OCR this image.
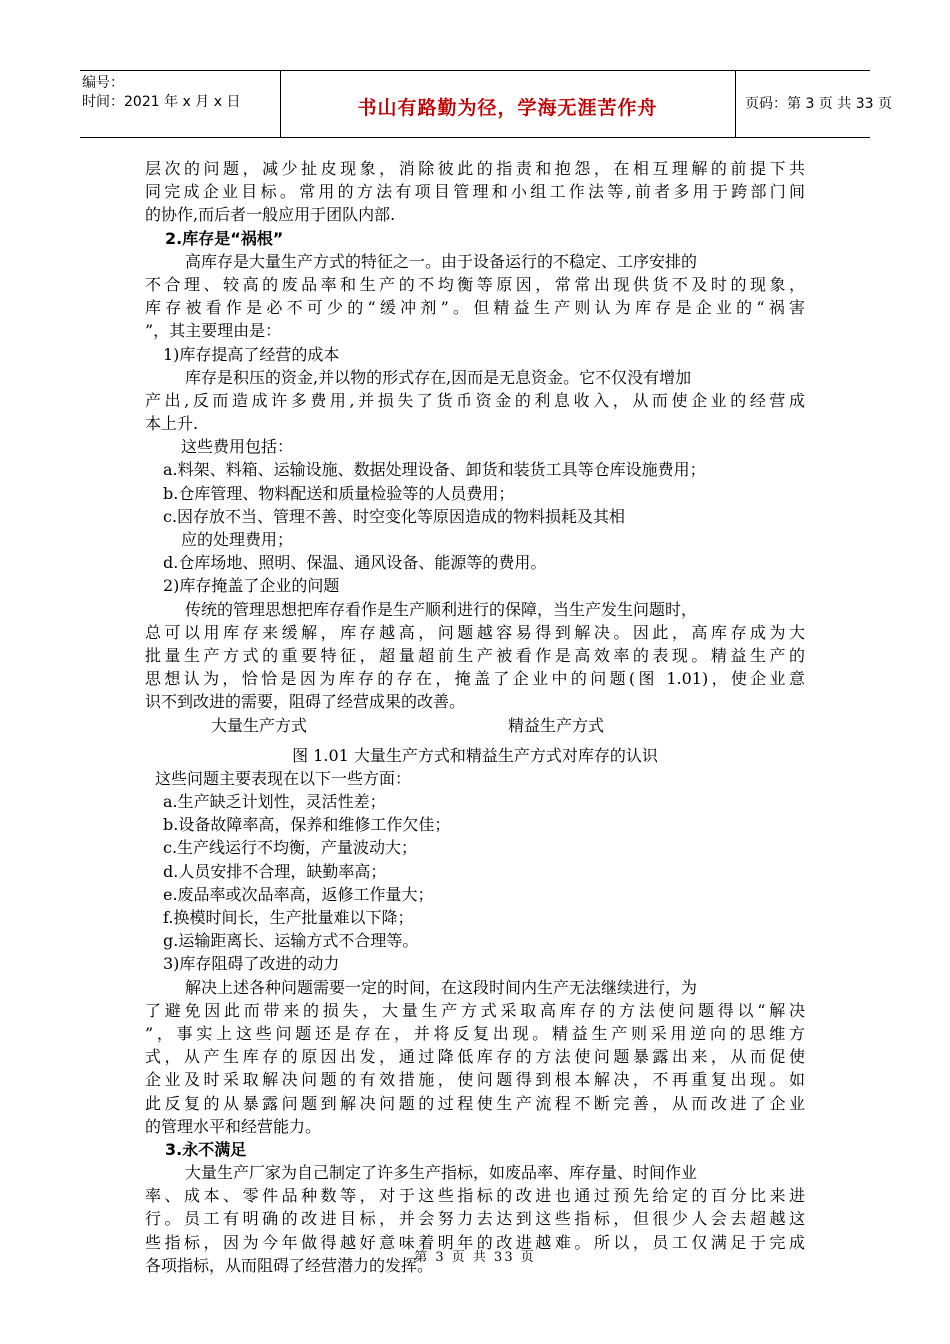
编号：
时间：2021 年 x 月 x 日	书山有路勤为径，学海无涯苦作舟	页码：第 3 页 共 33 页
层次的问题，减少扯皮现象，消除彼此的指责和抱怨，在相互理解的前提下共
同完成企业目标。常用的方法有项目管理和小组工作法等,前者多用于跨部门间
的协作,而后者一般应用于团队内部.
2.库存是“祸根”
高库存是大量生产方式的特征之一。由于设备运行的不稳定、工序安排的
不合理、较高的废品率和生产的不均衡等原因，常常出现供货不及时的现象，
库存被看作是必不可少的“缓冲剂”。但精益生产则认为库存是企业的“祸害
”，其主要理由是：
1)库存提高了经营的成本
库存是积压的资金,并以物的形式存在,因而是无息资金。它不仅没有增加
产出,反而造成许多费用,并损失了货币资金的利息收入，从而使企业的经营成
本上升.
这些费用包括：
a.料架、料箱、运输设施、数据处理设备、卸货和装货工具等仓库设施费用；
b.仓库管理、物料配送和质量检验等的人员费用；
c.因存放不当、管理不善、时空变化等原因造成的物料损耗及其相
应的处理费用；
d.仓库场地、照明、保温、通风设备、能源等的费用。
2)库存掩盖了企业的问题
传统的管理思想把库存看作是生产顺利进行的保障，当生产发生问题时，
总可以用库存来缓解，库存越高，问题越容易得到解决。因此，高库存成为大
批量生产方式的重要特征，超量超前生产被看作是高效率的表现。精益生产的
思想认为，恰恰是因为库存的存在，掩盖了企业中的问题(图 1.01)，使企业意
识不到改进的需要，阻碍了经营成果的改善。
大量生产方式	精益生产方式
图 1.01 大量生产方式和精益生产方式对库存的认识
这些问题主要表现在以下一些方面：
a.生产缺乏计划性，灵活性差；
b.设备故障率高，保养和维修工作欠佳；
c.生产线运行不均衡，产量波动大；
d.人员安排不合理，缺勤率高；
e.废品率或次品率高，返修工作量大；
f.换模时间长，生产批量难以下降；
g.运输距离长、运输方式不合理等。
3)库存阻碍了改进的动力
解决上述各种问题需要一定的时间，在这段时间内生产无法继续进行，为
了避免因此而带来的损失，大量生产方式采取高库存的方法使问题得以“解决
”，事实上这些问题还是存在，并将反复出现。精益生产则采用逆向的思维方
式，从产生库存的原因出发，通过降低库存的方法使问题暴露出来，从而促使
企业及时采取解决问题的有效措施，使问题得到根本解决，不再重复出现。如
此反复的从暴露问题到解决问题的过程使生产流程不断完善，从而改进了企业
的管理水平和经营能力。
3.永不满足
大量生产厂家为自己制定了许多生产指标，如废品率、库存量、时间作业
率、成本、零件品种数等，对于这些指标的改进也通过预先给定的百分比来进
行。员工有明确的改进目标，并会努力去达到这些指标，但很少人会去超越这
些指标，因为今年做得越好意味着明年的改进越难。所以，员工仅满足于完成
各项指标，从而阻碍了经营潜力的发挥。
第 3 页 共 33 页
